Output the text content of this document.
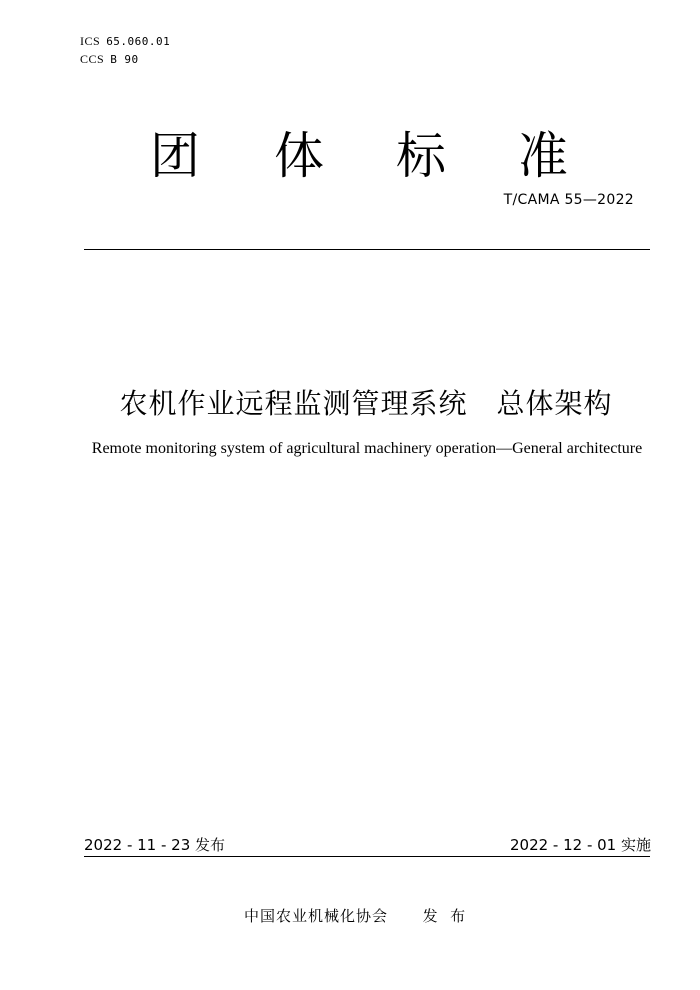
ICS 65.060.01
CCS B 90
团 体 标 准
T/CAMA 55—2022
农机作业远程监测管理系统　总体架构
Remote monitoring system of agricultural machinery operation—General architecture
2022 - 11 - 23 发布	2022 - 12 - 01 实施
中国农业机械化协会      发  布
